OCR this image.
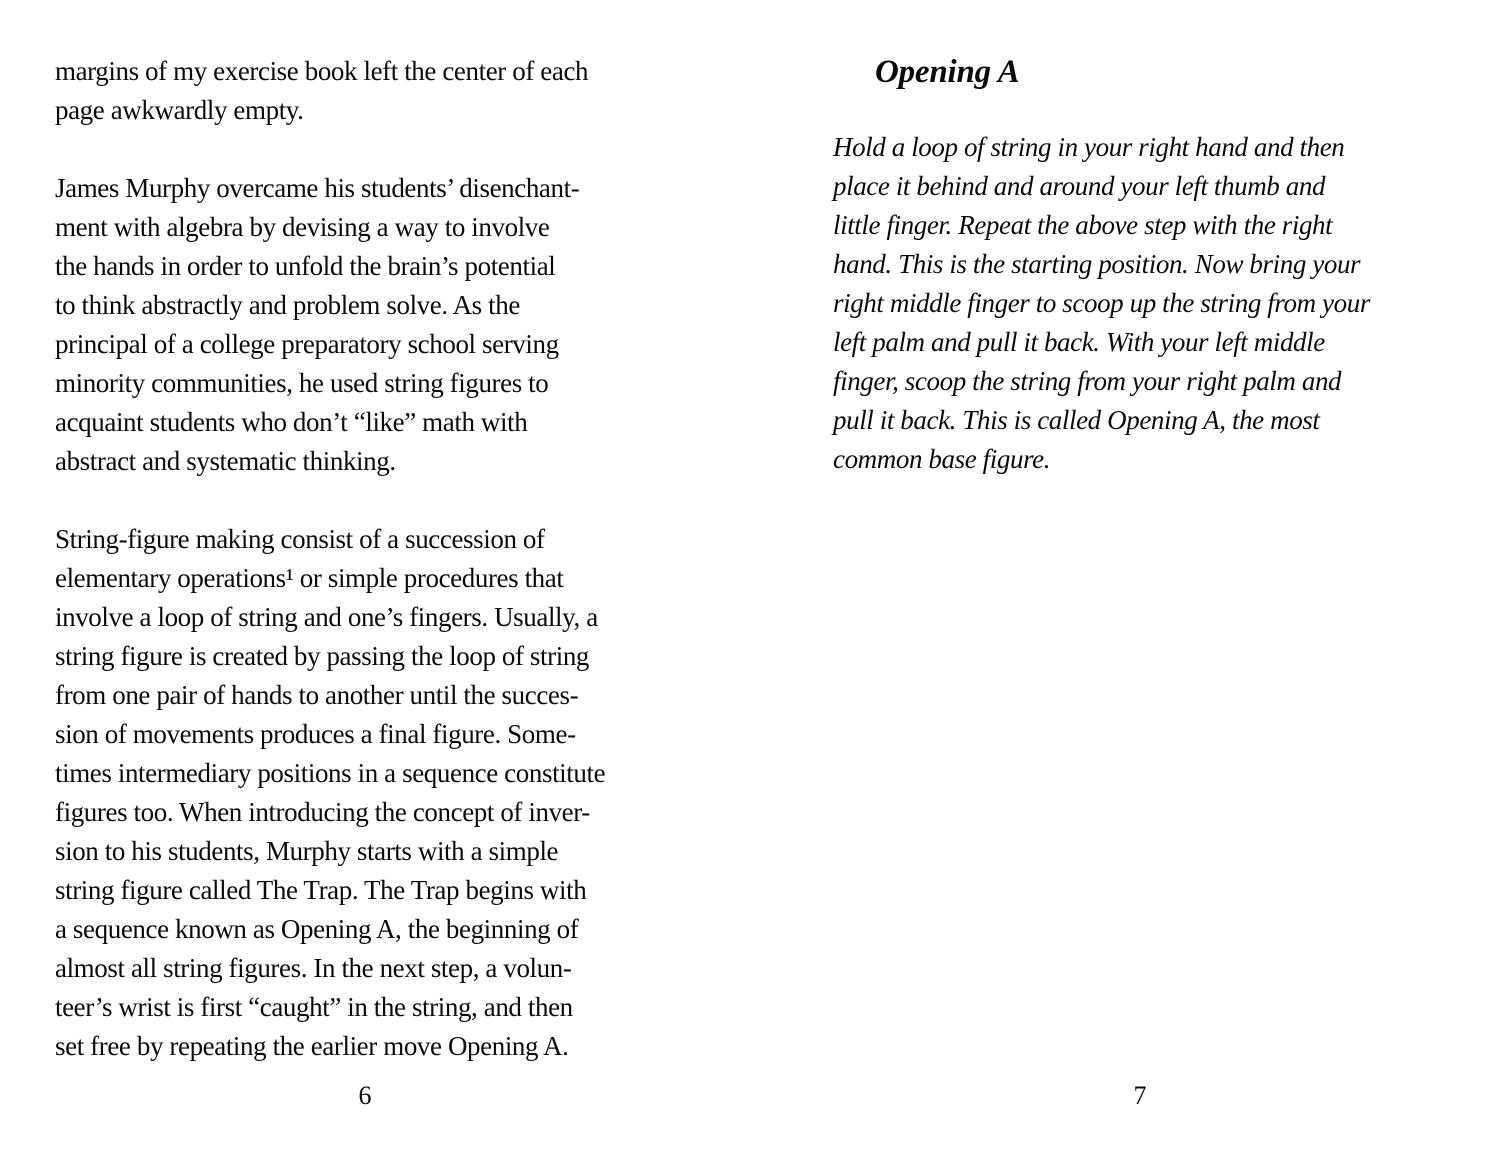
margins of my exercise book left the center of each
page awkwardly empty.
James Murphy overcame his students’ disenchant-
ment with algebra by devising a way to involve
the hands in order to unfold the brain’s potential
to think abstractly and problem solve. As the
principal of a college preparatory school serving
minority communities, he used string figures to
acquaint students who don’t “like” math with
abstract and systematic thinking.
String-figure making consist of a succession of
elementary operations¹ or simple procedures that
involve a loop of string and one’s fingers. Usually, a
string figure is created by passing the loop of string
from one pair of hands to another until the succes-
sion of movements produces a final figure. Some-
times intermediary positions in a sequence constitute
figures too. When introducing the concept of inver-
sion to his students, Murphy starts with a simple
string figure called The Trap. The Trap begins with
a sequence known as Opening A, the beginning of
almost all string figures. In the next step, a volun-
teer’s wrist is first “caught” in the string, and then
set free by repeating the earlier move Opening A.
6
Opening A
Hold a loop of string in your right hand and then
place it behind and around your left thumb and
little finger. Repeat the above step with the right
hand. This is the starting position. Now bring your
right middle finger to scoop up the string from your
left palm and pull it back. With your left middle
finger, scoop the string from your right palm and
pull it back. This is called Opening A, the most
common base figure.
7
